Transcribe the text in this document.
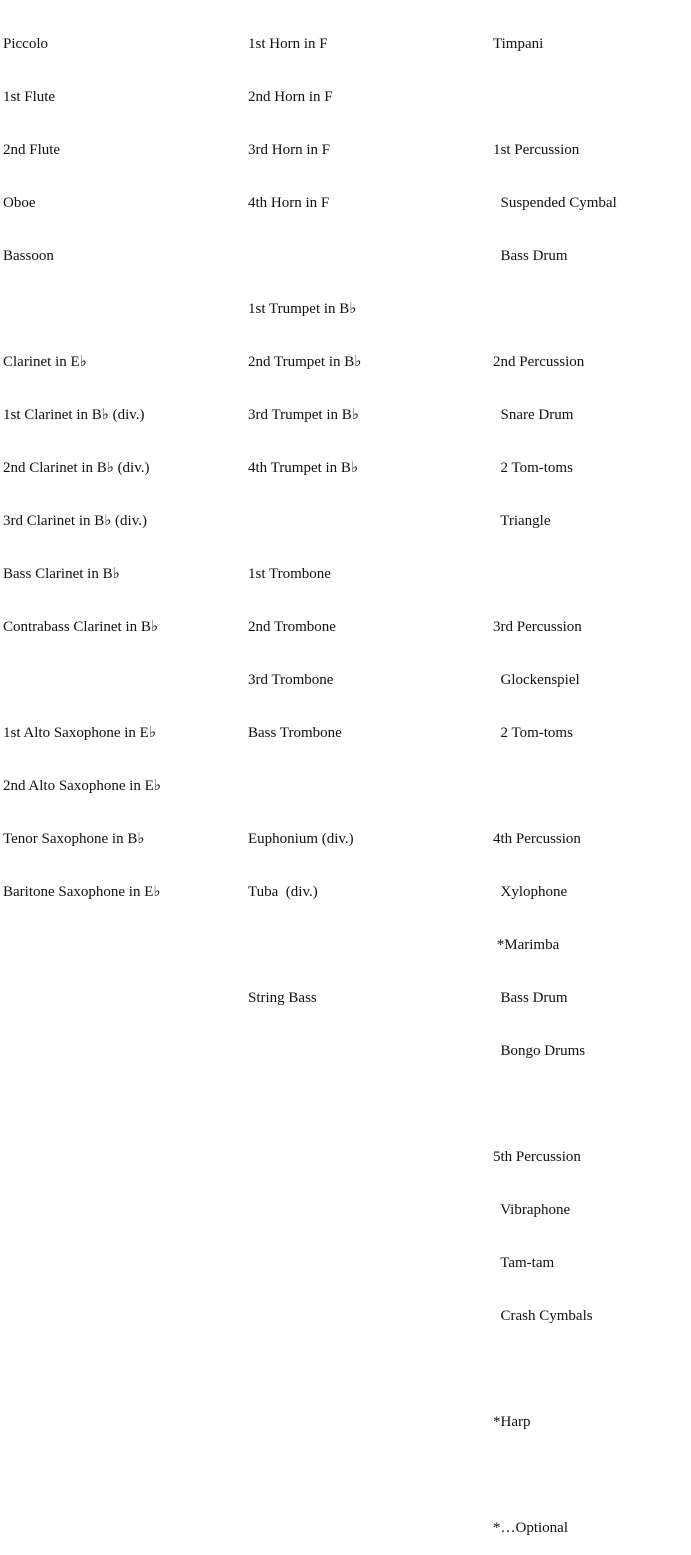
Piccolo

1st Flute

2nd Flute

Oboe

Bassoon

Clarinet in E♭

1st Clarinet in B♭ (div.)

2nd Clarinet in B♭ (div.)

3rd Clarinet in B♭ (div.)

Bass Clarinet in B♭

Contrabass Clarinet in B♭

1st Alto Saxophone in E♭

2nd Alto Saxophone in E♭

Tenor Saxophone in B♭

Baritone Saxophone in E♭

1st Horn in F

2nd Horn in F

3rd Horn in F

4th Horn in F

1st Trumpet in B♭

2nd Trumpet in B♭

3rd Trumpet in B♭

4th Trumpet in B♭

1st Trombone

2nd Trombone

3rd Trombone

Bass Trombone

Euphonium (div.)

Tuba  (div.)

String Bass

Timpani

1st Percussion

Suspended Cymbal

Bass Drum

2nd Percussion

Snare Drum

2 Tom-toms

Triangle

3rd Percussion

Glockenspiel

2 Tom-toms

4th Percussion

Xylophone

*Marimba

Bass Drum

Bongo Drums

5th Percussion

Vibraphone

Tam-tam

Crash Cymbals

*Harp

*…Optional
